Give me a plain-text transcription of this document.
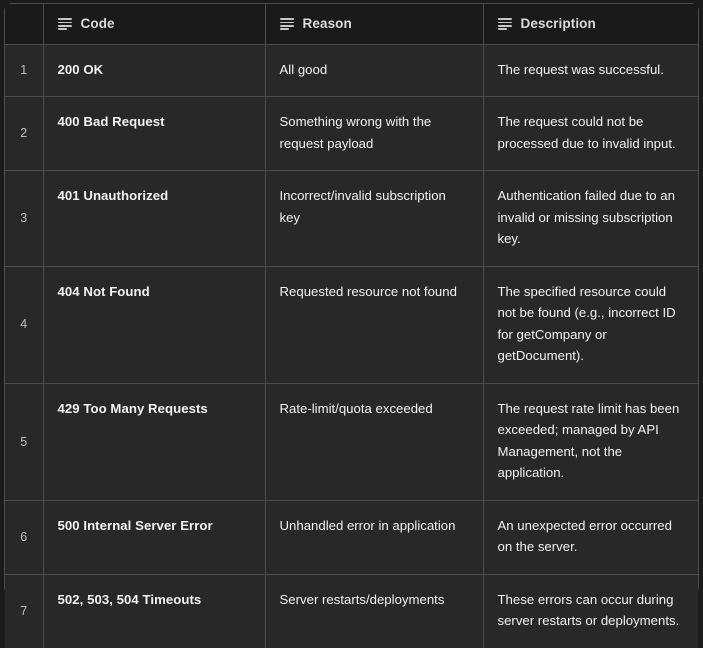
	Code	Reason	Description

1	200 OK	All good	The request was successful.
2	400 Bad Request	Something wrong with the request payload	The request could not be processed due to invalid input.
3	401 Unauthorized	Incorrect/invalid subscription key	Authentication failed due to an invalid or missing subscription key.
4	404 Not Found	Requested resource not found	The specified resource could not be found (e.g., incorrect ID for getCompany or getDocument).
5	429 Too Many Requests	Rate-limit/quota exceeded	The request rate limit has been exceeded; managed by API Management, not the application.
6	500 Internal Server Error	Unhandled error in application	An unexpected error occurred on the server.
7	502, 503, 504 Timeouts	Server restarts/deployments	These errors can occur during server restarts or deployments.
